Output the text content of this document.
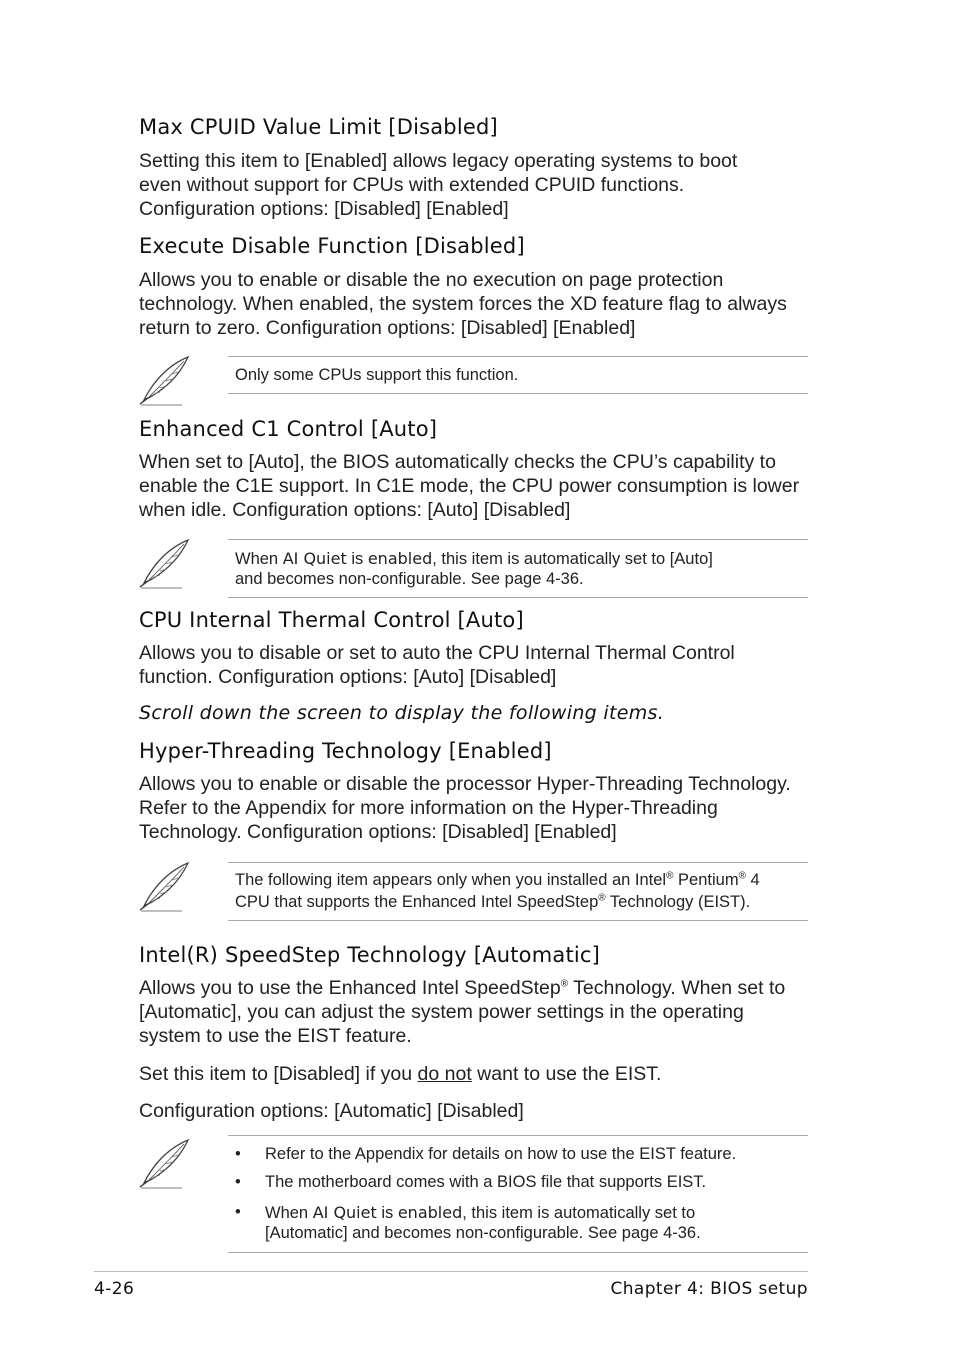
Max CPUID Value Limit [Disabled]
Setting this item to [Enabled] allows legacy operating systems to boot
even without support for CPUs with extended CPUID functions.
Configuration options: [Disabled] [Enabled]
Execute Disable Function [Disabled]
Allows you to enable or disable the no execution on page protection
technology. When enabled, the system forces the XD feature flag to always
return to zero. Configuration options: [Disabled] [Enabled]
Only some CPUs support this function.
Enhanced C1 Control [Auto]
When set to [Auto], the BIOS automatically checks the CPU’s capability to
enable the C1E support. In C1E mode, the CPU power consumption is lower
when idle. Configuration options: [Auto] [Disabled]
When AI Quiet is enabled, this item is automatically set to [Auto]
and becomes non-configurable. See page 4-36.
CPU Internal Thermal Control [Auto]
Allows you to disable or set to auto the CPU Internal Thermal Control
function. Configuration options: [Auto] [Disabled]
Scroll down the screen to display the following items.
Hyper-Threading Technology [Enabled]
Allows you to enable or disable the processor Hyper-Threading Technology.
Refer to the Appendix for more information on the Hyper-Threading
Technology. Configuration options: [Disabled] [Enabled]
The following item appears only when you installed an Intel® Pentium® 4
CPU that supports the Enhanced Intel SpeedStep® Technology (EIST).
Intel(R) SpeedStep Technology [Automatic]
Allows you to use the Enhanced Intel SpeedStep® Technology. When set to
[Automatic], you can adjust the system power settings in the operating
system to use the EIST feature.
Set this item to [Disabled] if you do not want to use the EIST.
Configuration options: [Automatic] [Disabled]
• Refer to the Appendix for details on how to use the EIST feature.
• The motherboard comes with a BIOS file that supports EIST.
• When AI Quiet is enabled, this item is automatically set to
[Automatic] and becomes non-configurable. See page 4-36.
4-26	Chapter 4: BIOS setup
